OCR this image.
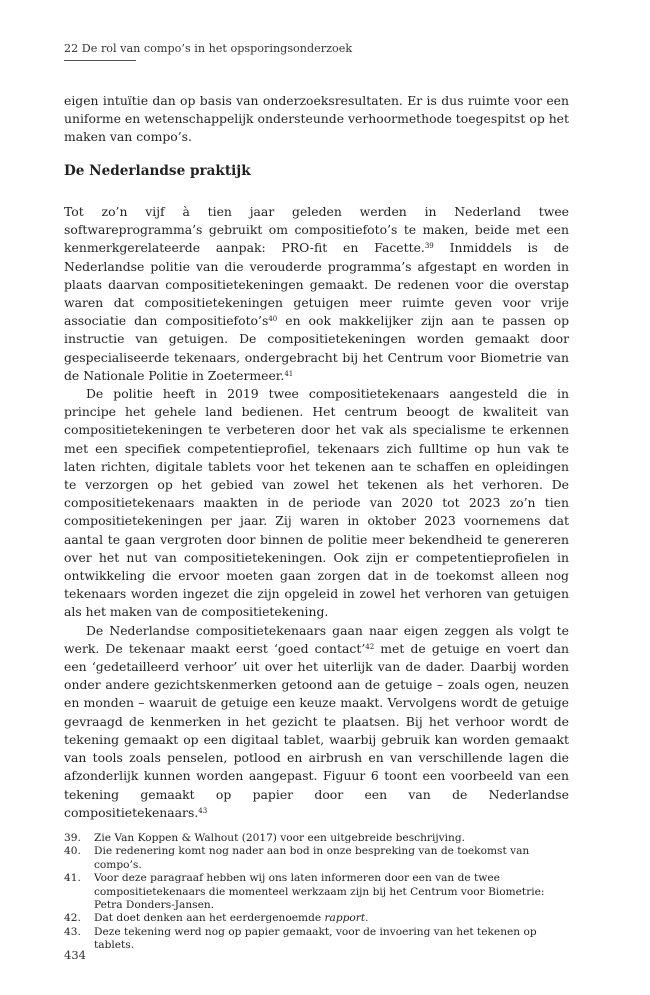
22 De rol van compo’s in het opsporingsonderzoek

eigen intuïtie dan op basis van onderzoeksresultaten. Er is dus ruimte voor een uniforme en wetenschappelijk ondersteunde verhoormethode toegespitst op het maken van compo’s.

De Nederlandse praktijk

Tot zo’n vijf à tien jaar geleden werden in Nederland twee softwareprogramma’s gebruikt om compositiefoto’s te maken, beide met een kenmerkgerelateerde aanpak: PRO-fit en Facette.$^{39}$ Inmiddels is de Nederlandse politie van die verouderde programma’s afgestapt en worden in plaats daarvan compositietekeningen gemaakt. De redenen voor die overstap waren dat compositietekeningen getuigen meer ruimte geven voor vrije associatie dan $compositiefoto’s^{40}$ en ook makkelijker zijn aan te passen op instructie van getuigen. De compositietekeningen worden gemaakt door gespecialiseerde tekenaars, ondergebracht bij het Centrum voor Biometrie van de Nationale Politie in Zoetermeer.$^{41}$

De politie heeft in 2019 twee compositietekenaars aangesteld die in principe het gehele land bedienen. Het centrum beoogt de kwaliteit van compositietekeningen te verbeteren door het vak als specialisme te erkennen met een specifiek competentieprofiel, tekenaars zich fulltime op hun vak te laten richten, digitale tablets voor het tekenen aan te schaffen en opleidingen te verzorgen op het gebied van zowel het tekenen als het verhoren. De compositietekenaars maakten in de periode van 2020 tot 2023 zo’n tien compositietekeningen per jaar. Zij waren in oktober 2023 voornemens dat aantal te gaan vergroten door binnen de politie meer bekendheid te genereren over het nut van compositietekeningen. Ook zijn er competentieprofielen in ontwikkeling die ervoor moeten gaan zorgen dat in de toekomst alleen nog tekenaars worden ingezet die zijn opgeleid in zowel het verhoren van getuigen als het maken van de compositietekening.

De Nederlandse compositietekenaars gaan naar eigen zeggen als volgt te werk. De tekenaar maakt eerst ‘goed contact’$^{42}$ met de getuige en voert dan een ‘gedetailleerd verhoor’ uit over het uiterlijk van de dader. Daarbij worden onder andere gezichtskenmerken getoond aan de getuige – zoals ogen, neuzen en monden – waaruit de getuige een keuze maakt. Vervolgens wordt de getuige gevraagd de kenmerken in het gezicht te plaatsen. Bij het verhoor wordt de tekening gemaakt op een digitaal tablet, waarbij gebruik kan worden gemaakt van tools zoals penselen, potlood en airbrush en van verschillende lagen die afzonderlijk kunnen worden aangepast. Figuur 6 toont een voorbeeld van een tekening gemaakt op papier door een van de Nederlandse compositietekenaars.$^{43}$

39.	Zie Van Koppen & Walhout (2017) voor een uitgebreide beschrijving.
40.	Die redenering komt nog nader aan bod in onze bespreking van de toekomst van compo’s.
41.	Voor deze paragraaf hebben wij ons laten informeren door een van de twee compositietekenaars die momenteel werkzaam zijn bij het Centrum voor Biometrie: Petra Donders-Jansen.
42.	Dat doet denken aan het eerdergenoemde rapport.
43.	Deze tekening werd nog op papier gemaakt, voor de invoering van het tekenen op tablets.
434
